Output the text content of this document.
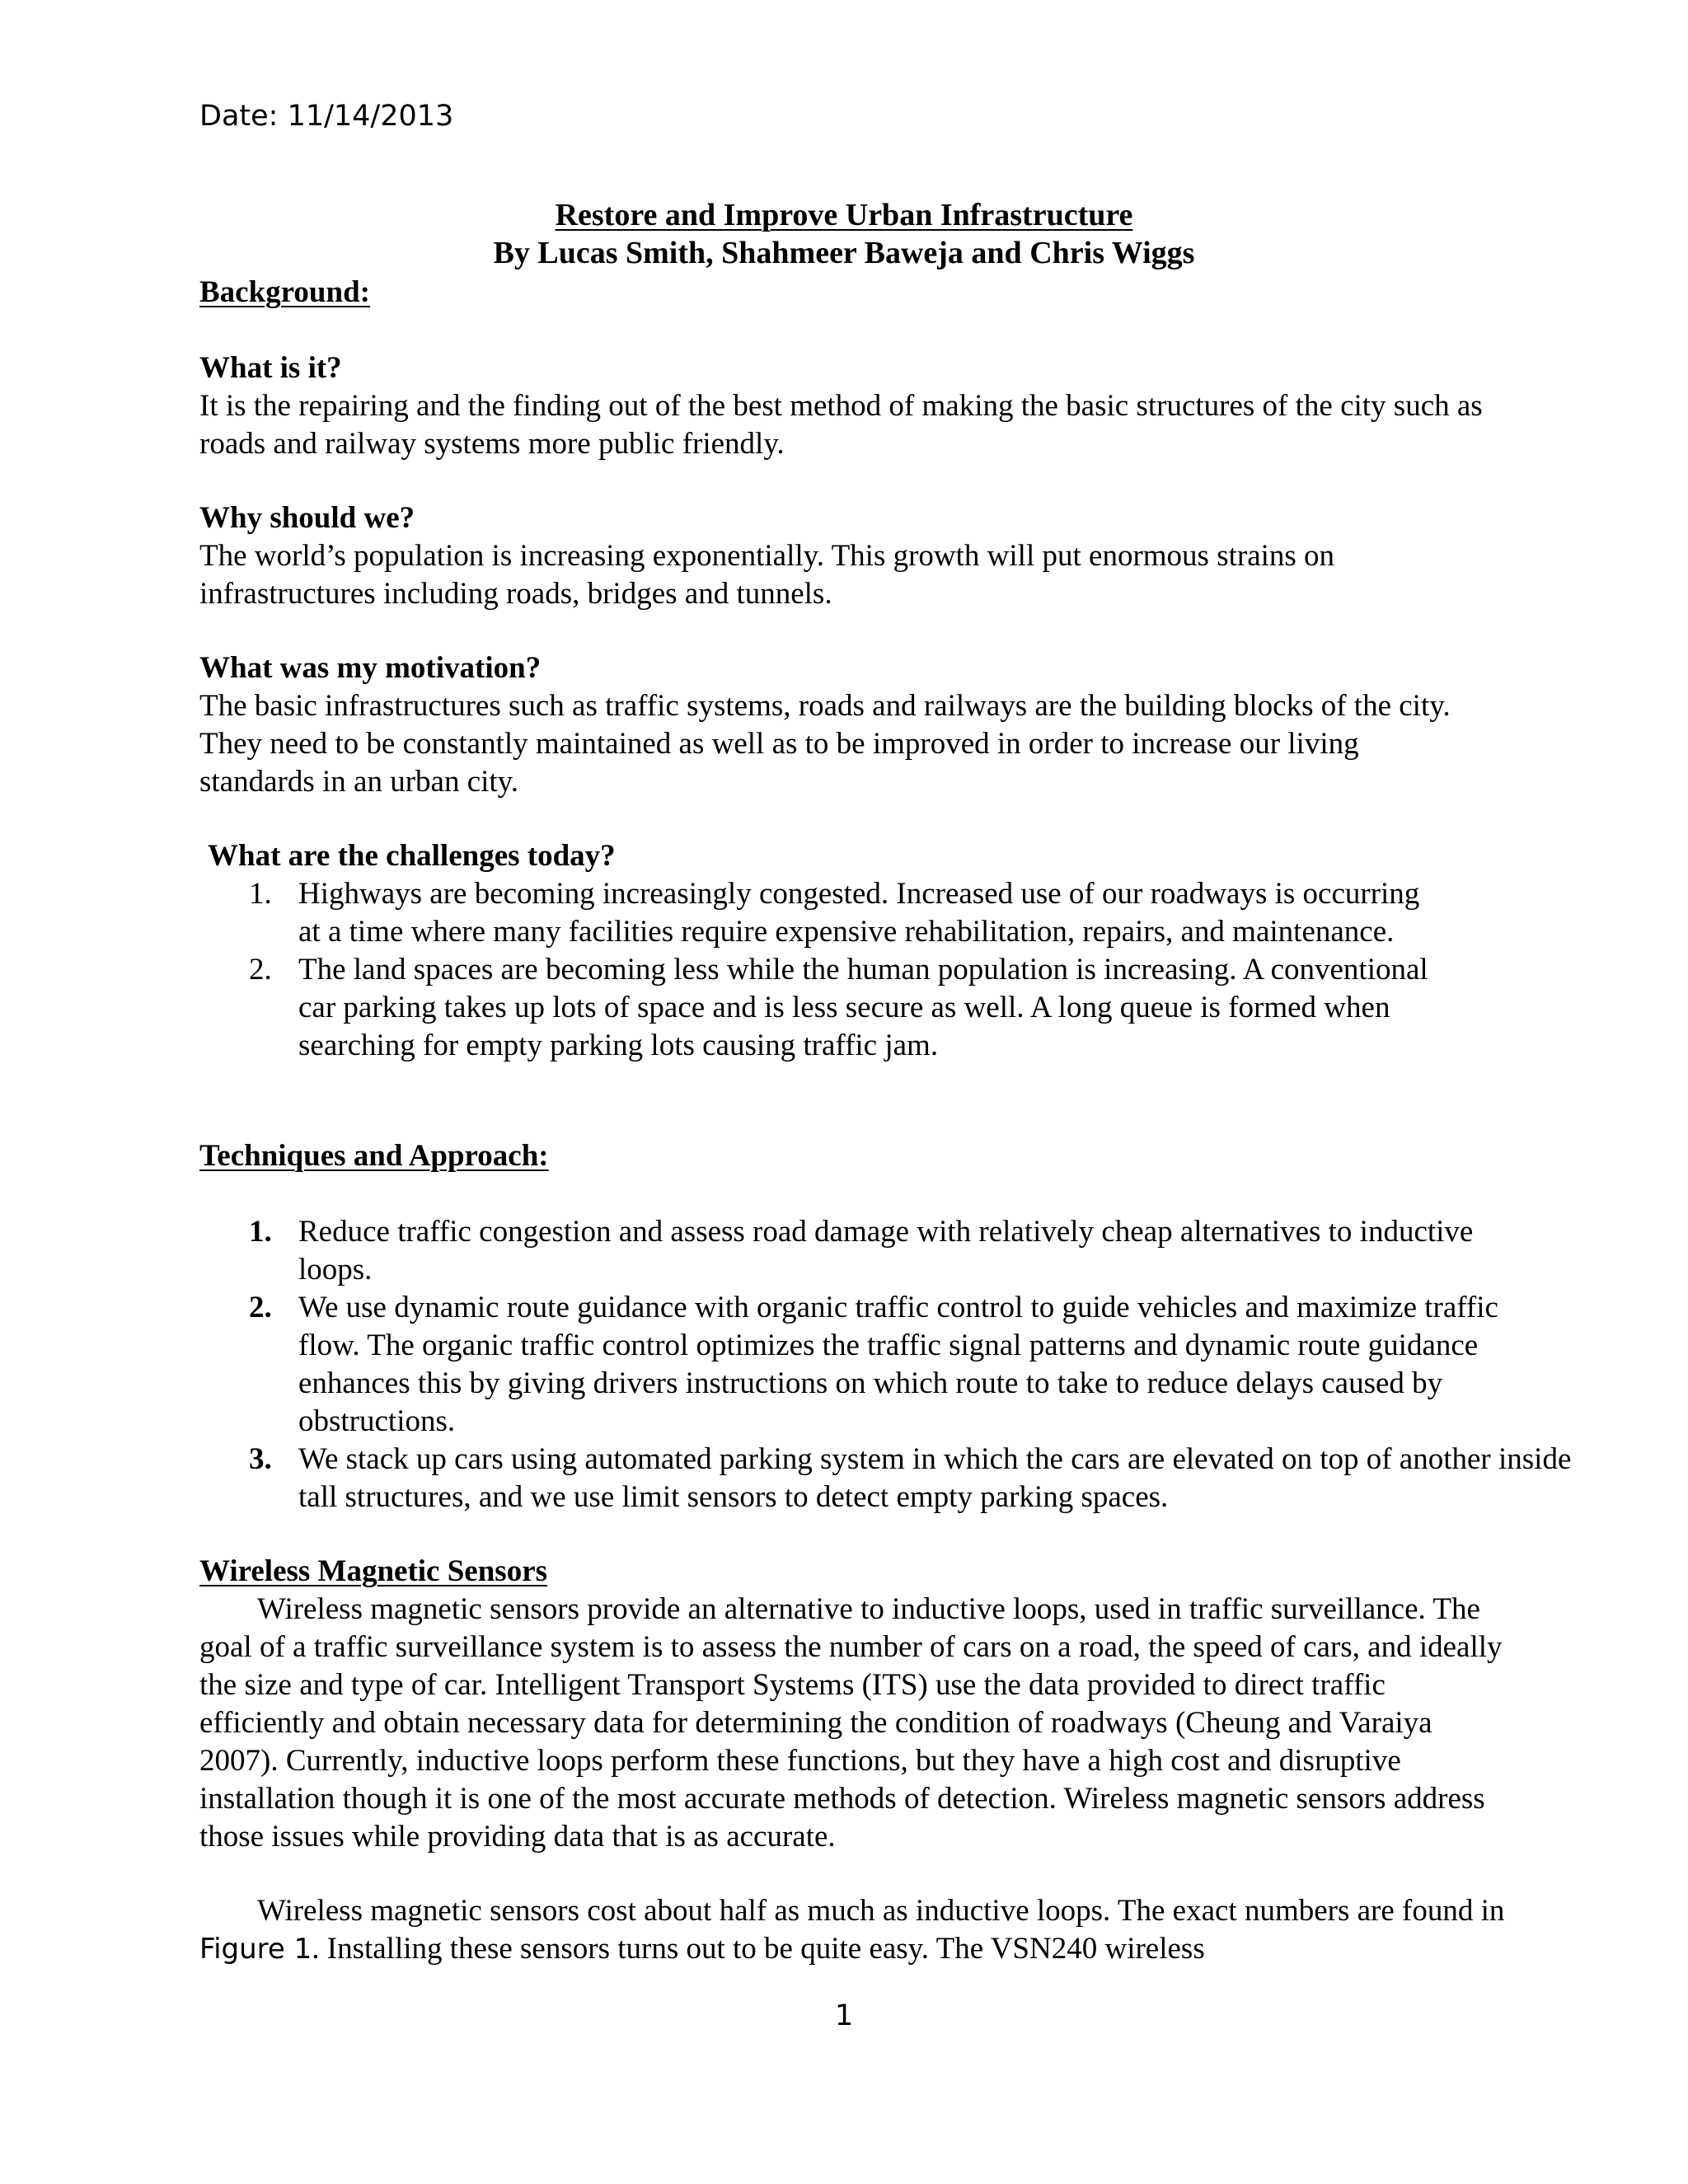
Date: 11/14/2013
Restore and Improve Urban Infrastructure
By Lucas Smith, Shahmeer Baweja and Chris Wiggs
Background:
What is it?

It is the repairing and the finding out of the best method of making the basic structures of the city such as roads and railway systems more public friendly.

Why should we?

The world’s population is increasing exponentially. This growth will put enormous strains on infrastructures including roads, bridges and tunnels.

What was my motivation?

The basic infrastructures such as traffic systems, roads and railways are the building blocks of the city. They need to be constantly maintained as well as to be improved in order to increase our living standards in an urban city.

What are the challenges today?
1. Highways are becoming increasingly congested. Increased use of our roadways is occurring at a time where many facilities require expensive rehabilitation, repairs, and maintenance.
2. The land spaces are becoming less while the human population is increasing. A conventional car parking takes up lots of space and is less secure as well. A long queue is formed when searching for empty parking lots causing traffic jam.
Techniques and Approach:
1. Reduce traffic congestion and assess road damage with relatively cheap alternatives to inductive loops.
2. We use dynamic route guidance with organic traffic control to guide vehicles and maximize traffic flow. The organic traffic control optimizes the traffic signal patterns and dynamic route guidance enhances this by giving drivers instructions on which route to take to reduce delays caused by obstructions.
3. We stack up cars using automated parking system in which the cars are elevated on top of another inside tall structures, and we use limit sensors to detect empty parking spaces.
Wireless Magnetic Sensors

Wireless magnetic sensors provide an alternative to inductive loops, used in traffic surveillance. The goal of a traffic surveillance system is to assess the number of cars on a road, the speed of cars, and ideally the size and type of car. Intelligent Transport Systems (ITS) use the data provided to direct traffic efficiently and obtain necessary data for determining the condition of roadways (Cheung and Varaiya 2007). Currently, inductive loops perform these functions, but they have a high cost and disruptive installation though it is one of the most accurate methods of detection. Wireless magnetic sensors address those issues while providing data that is as accurate.

Wireless magnetic sensors cost about half as much as inductive loops. The exact numbers are found in Figure 1. Installing these sensors turns out to be quite easy. The VSN240 wireless

1
